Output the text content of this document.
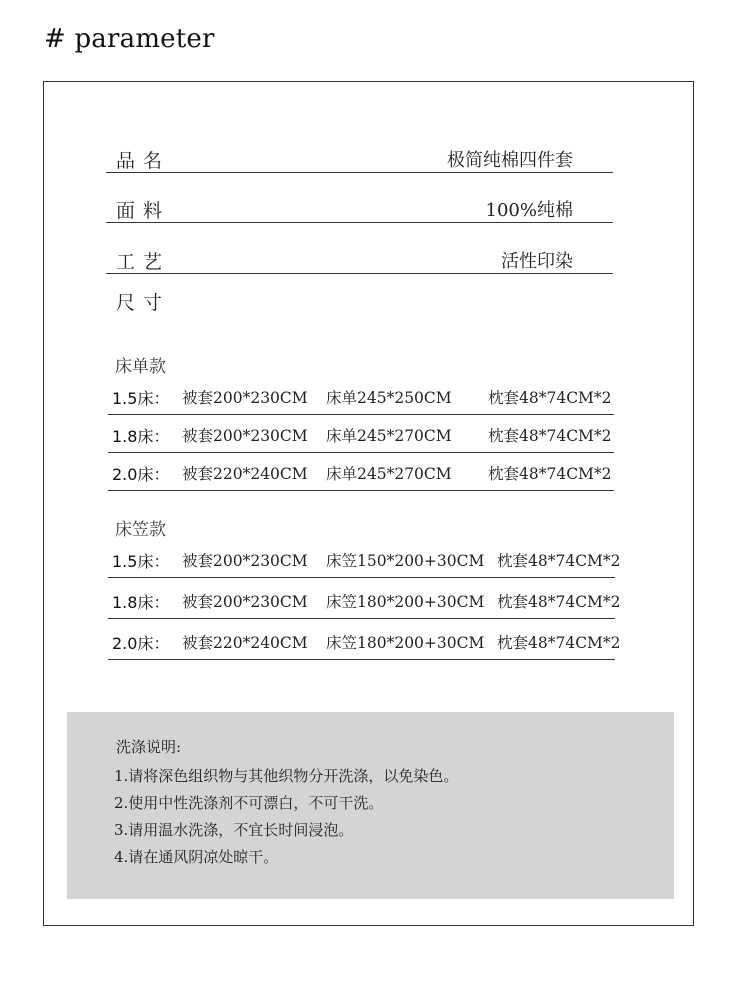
# parameter
品名	极简纯棉四件套
面料	100%纯棉
工艺	活性印染
尺寸
床单款
1.5床： 被套200*230CM 床单245*250CM 枕套48*74CM*2
1.8床： 被套200*230CM 床单245*270CM 枕套48*74CM*2
2.0床： 被套220*240CM 床单245*270CM 枕套48*74CM*2
床笠款
1.5床： 被套200*230CM 床笠150*200+30CM 枕套48*74CM*2
1.8床： 被套200*230CM 床笠180*200+30CM 枕套48*74CM*2
2.0床： 被套220*240CM 床笠180*200+30CM 枕套48*74CM*2
洗涤说明:
1.请将深色组织物与其他织物分开洗涤，以免染色。
2.使用中性洗涤剂不可漂白，不可干洗。
3.请用温水洗涤，不宜长时间浸泡。
4.请在通风阴凉处晾干。
